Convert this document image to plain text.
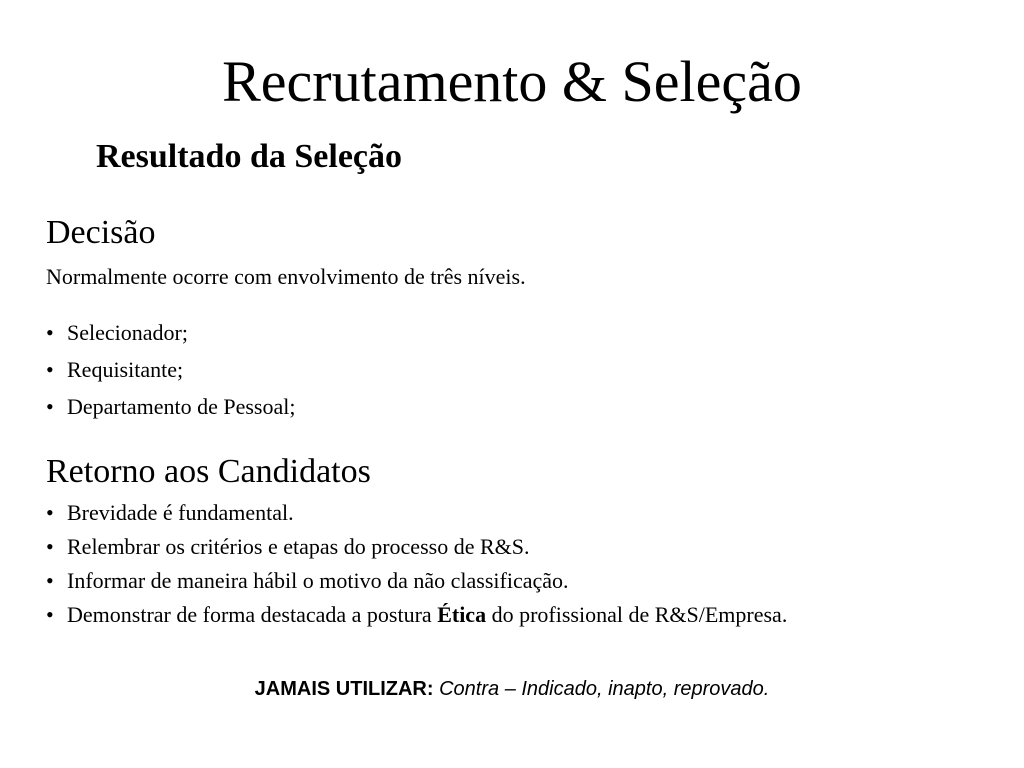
Recrutamento & Seleção
Resultado da Seleção
Decisão
Normalmente ocorre com envolvimento de três níveis.
• Selecionador;
• Requisitante;
• Departamento de Pessoal;
Retorno aos Candidatos
• Brevidade é fundamental.
• Relembrar os critérios e etapas do processo de R&S.
• Informar de maneira hábil o motivo da não classificação.
• Demonstrar de forma destacada a postura Ética do profissional de R&S/Empresa.
JAMAIS UTILIZAR: Contra – Indicado, inapto, reprovado.
